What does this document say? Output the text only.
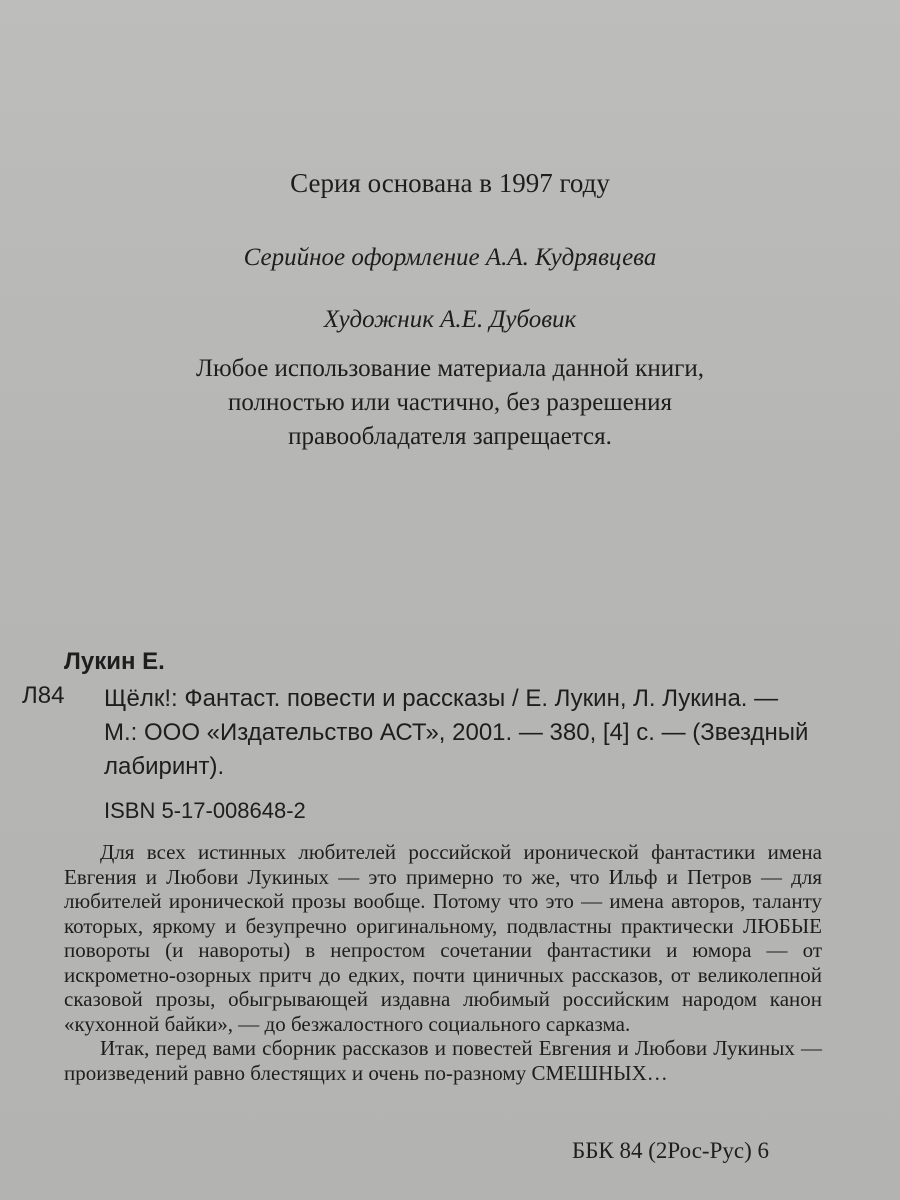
Серия основана в 1997 году
Серийное оформление А.А. Кудрявцева
Художник А.Е. Дубовик
Любое использование материала данной книги,
полностью или частично, без разрешения
правообладателя запрещается.
Лукин Е.
Л84 Щёлк!: Фантаст. повести и рассказы / Е. Лукин, Л. Лукина. —
М.: ООО «Издательство АСТ», 2001. — 380, [4] с. — (Звездный
лабиринт).
ISBN 5-17-008648-2

Для всех истинных любителей российской иронической фантастики имена Евгения и Любови Лукиных — это примерно то же, что Ильф и Петров — для любителей иронической прозы вообще. Потому что это — имена авторов, таланту которых, яркому и безупречно оригинальному, подвластны практически ЛЮБЫЕ повороты (и навороты) в непростом сочетании фантастики и юмора — от искрометно-озорных притч до едких, почти циничных рассказов, от великолепной сказовой прозы, обыгрывающей издавна любимый российским народом канон «кухонной байки», — до безжалостного социального сарказма.

Итак, перед вами сборник рассказов и повестей Евгения и Любови Лукиных — произведений равно блестящих и очень по-разному СМЕШНЫХ…

ББК 84 (2Рос-Рус) 6
